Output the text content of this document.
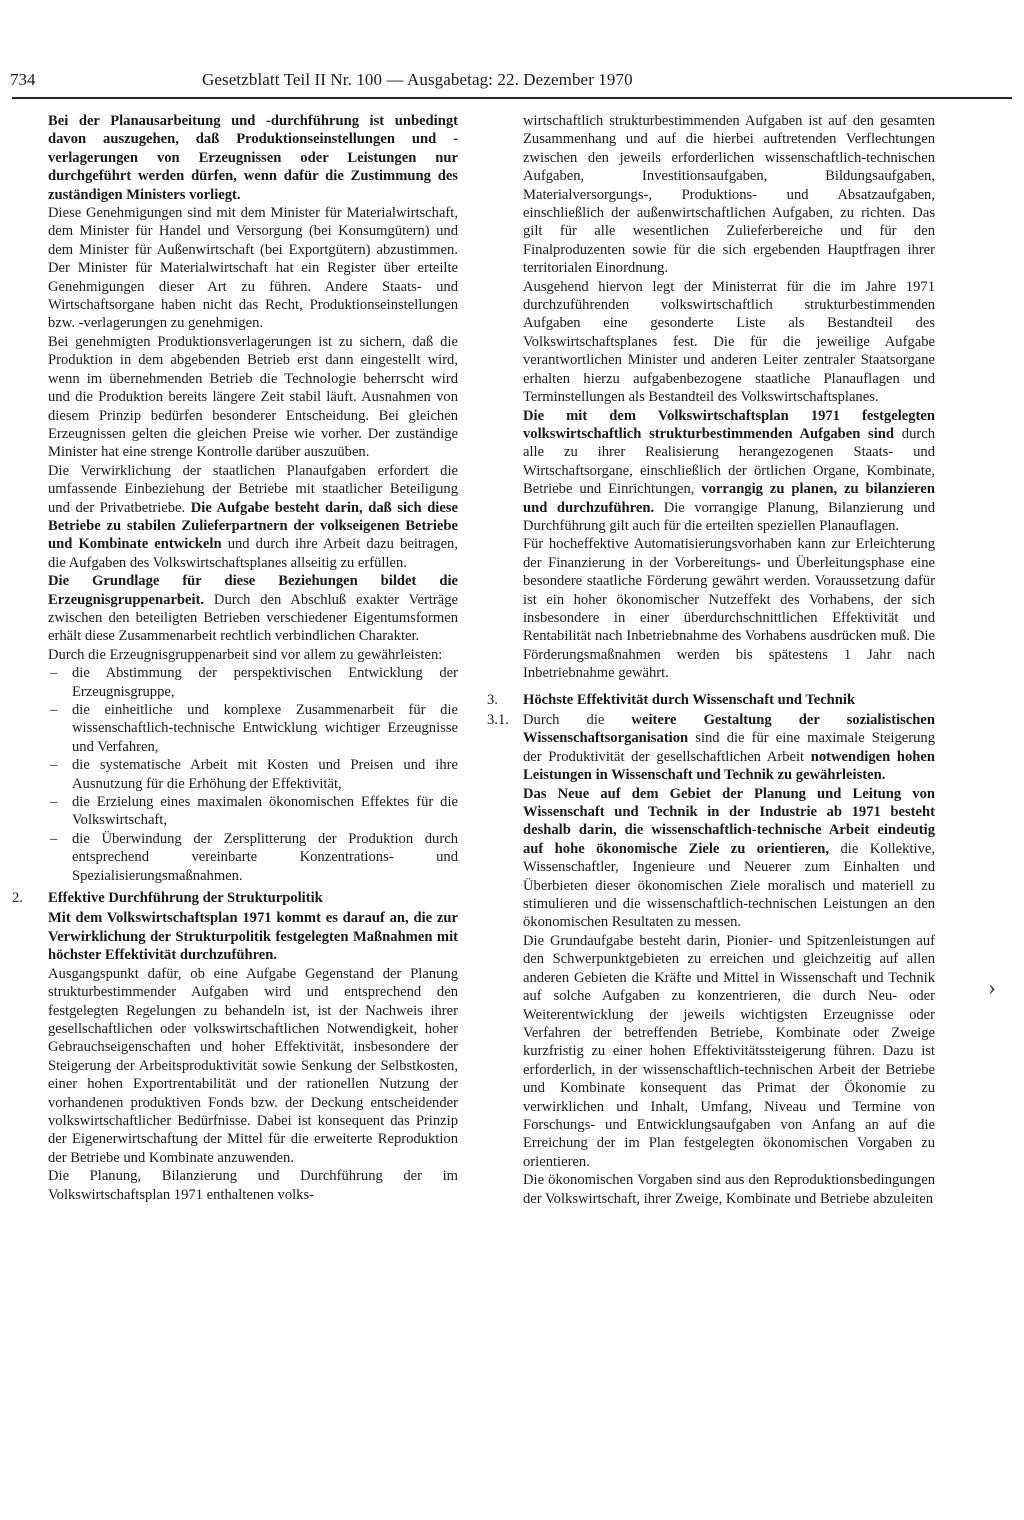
734	Gesetzblatt Teil II Nr. 100 — Ausgabetag: 22. Dezember 1970

Bei der Planausarbeitung und -durchführung ist unbedingt davon auszugehen, daß Produktionseinstellungen und -verlagerungen von Erzeugnissen oder Leistungen nur durchgeführt werden dürfen, wenn dafür die Zustimmung des zuständigen Ministers vorliegt.

Diese Genehmigungen sind mit dem Minister für Materialwirtschaft, dem Minister für Handel und Versorgung (bei Konsumgütern) und dem Minister für Außenwirtschaft (bei Exportgütern) abzustimmen. Der Minister für Materialwirtschaft hat ein Register über erteilte Genehmigungen dieser Art zu führen. Andere Staats- und Wirtschaftsorgane haben nicht das Recht, Produktionseinstellungen bzw. -verlagerungen zu genehmigen.

Bei genehmigten Produktionsverlagerungen ist zu sichern, daß die Produktion in dem abgebenden Betrieb erst dann eingestellt wird, wenn im übernehmenden Betrieb die Technologie beherrscht wird und die Produktion bereits längere Zeit stabil läuft. Ausnahmen von diesem Prinzip bedürfen besonderer Entscheidung. Bei gleichen Erzeugnissen gelten die gleichen Preise wie vorher. Der zuständige Minister hat eine strenge Kontrolle darüber auszuüben.

Die Verwirklichung der staatlichen Planaufgaben erfordert die umfassende Einbeziehung der Betriebe mit staatlicher Beteiligung und der Privatbetriebe. Die Aufgabe besteht darin, daß sich diese Betriebe zu stabilen Zulieferpartnern der volkseigenen Betriebe und Kombinate entwickeln und durch ihre Arbeit dazu beitragen, die Aufgaben des Volkswirtschaftsplanes allseitig zu erfüllen.

Die Grundlage für diese Beziehungen bildet die Erzeugnisgruppenarbeit. Durch den Abschluß exakter Verträge zwischen den beteiligten Betrieben verschiedener Eigentumsformen erhält diese Zusammenarbeit rechtlich verbindlichen Charakter.

Durch die Erzeugnisgruppenarbeit sind vor allem zu gewährleisten:

– die Abstimmung der perspektivischen Entwicklung der Erzeugnisgruppe,
– die einheitliche und komplexe Zusammenarbeit für die wissenschaftlich-technische Entwicklung wichtiger Erzeugnisse und Verfahren,
– die systematische Arbeit mit Kosten und Preisen und ihre Ausnutzung für die Erhöhung der Effektivität,
– die Erzielung eines maximalen ökonomischen Effektes für die Volkswirtschaft,
– die Überwindung der Zersplitterung der Produktion durch entsprechend vereinbarte Konzentrations- und Spezialisierungsmaßnahmen.
2. Effektive Durchführung der Strukturpolitik

Mit dem Volkswirtschaftsplan 1971 kommt es darauf an, die zur Verwirklichung der Strukturpolitik festgelegten Maßnahmen mit höchster Effektivität durchzuführen.

Ausgangspunkt dafür, ob eine Aufgabe Gegenstand der Planung strukturbestimmender Aufgaben wird und entsprechend den festgelegten Regelungen zu behandeln ist, ist der Nachweis ihrer gesellschaftlichen oder volkswirtschaftlichen Notwendigkeit, hoher Gebrauchseigenschaften und hoher Effektivität, insbesondere der Steigerung der Arbeitsproduktivität sowie Senkung der Selbstkosten, einer hohen Exportrentabilität und der rationellen Nutzung der vorhandenen produktiven Fonds bzw. der Deckung entscheidender volkswirtschaftlicher Bedürfnisse. Dabei ist konsequent das Prinzip der Eigenerwirtschaftung der Mittel für die erweiterte Reproduktion der Betriebe und Kombinate anzuwenden.

Die Planung, Bilanzierung und Durchführung der im Volkswirtschaftsplan 1971 enthaltenen volks-

wirtschaftlich strukturbestimmenden Aufgaben ist auf den gesamten Zusammenhang und auf die hierbei auftretenden Verflechtungen zwischen den jeweils erforderlichen wissenschaftlich-technischen Aufgaben, Investitionsaufgaben, Bildungsaufgaben, Materialversorgungs-, Produktions- und Absatzaufgaben, einschließlich der außenwirtschaftlichen Aufgaben, zu richten. Das gilt für alle wesentlichen Zulieferbereiche und für den Finalproduzenten sowie für die sich ergebenden Hauptfragen ihrer territorialen Einordnung.

Ausgehend hiervon legt der Ministerrat für die im Jahre 1971 durchzuführenden volkswirtschaftlich strukturbestimmenden Aufgaben eine gesonderte Liste als Bestandteil des Volkswirtschaftsplanes fest. Die für die jeweilige Aufgabe verantwortlichen Minister und anderen Leiter zentraler Staatsorgane erhalten hierzu aufgabenbezogene staatliche Planauflagen und Terminstellungen als Bestandteil des Volkswirtschaftsplanes.

Die mit dem Volkswirtschaftsplan 1971 festgelegten volkswirtschaftlich strukturbestimmenden Aufgaben sind durch alle zu ihrer Realisierung herangezogenen Staats- und Wirtschaftsorgane, einschließlich der örtlichen Organe, Kombinate, Betriebe und Einrichtungen, vorrangig zu planen, zu bilanzieren und durchzuführen. Die vorrangige Planung, Bilanzierung und Durchführung gilt auch für die erteilten speziellen Planauflagen.

Für hocheffektive Automatisierungsvorhaben kann zur Erleichterung der Finanzierung in der Vorbereitungs- und Überleitungsphase eine besondere staatliche Förderung gewährt werden. Voraussetzung dafür ist ein hoher ökonomischer Nutzeffekt des Vorhabens, der sich insbesondere in einer überdurchschnittlichen Effektivität und Rentabilität nach Inbetriebnahme des Vorhabens ausdrücken muß. Die Förderungsmaßnahmen werden bis spätestens 1 Jahr nach Inbetriebnahme gewährt.

3. Höchste Effektivität durch Wissenschaft und Technik

3.1. Durch die weitere Gestaltung der sozialistischen Wissenschaftsorganisation sind die für eine maximale Steigerung der Produktivität der gesellschaftlichen Arbeit notwendigen hohen Leistungen in Wissenschaft und Technik zu gewährleisten.

Das Neue auf dem Gebiet der Planung und Leitung von Wissenschaft und Technik in der Industrie ab 1971 besteht deshalb darin, die wissenschaftlich-technische Arbeit eindeutig auf hohe ökonomische Ziele zu orientieren, die Kollektive, Wissenschaftler, Ingenieure und Neuerer zum Einhalten und Überbieten dieser ökonomischen Ziele moralisch und materiell zu stimulieren und die wissenschaftlich-technischen Leistungen an den ökonomischen Resultaten zu messen.

Die Grundaufgabe besteht darin, Pionier- und Spitzenleistungen auf den Schwerpunktgebieten zu erreichen und gleichzeitig auf allen anderen Gebieten die Kräfte und Mittel in Wissenschaft und Technik auf solche Aufgaben zu konzentrieren, die durch Neu- oder Weiterentwicklung der jeweils wichtigsten Erzeugnisse oder Verfahren der betreffenden Betriebe, Kombinate oder Zweige kurzfristig zu einer hohen Effektivitätssteigerung führen. Dazu ist erforderlich, in der wissenschaftlich-technischen Arbeit der Betriebe und Kombinate konsequent das Primat der Ökonomie zu verwirklichen und Inhalt, Umfang, Niveau und Termine von Forschungs- und Entwicklungsaufgaben von Anfang an auf die Erreichung der im Plan festgelegten ökonomischen Vorgaben zu orientieren.

Die ökonomischen Vorgaben sind aus den Reproduktionsbedingungen der Volkswirtschaft, ihrer Zweige, Kombinate und Betriebe abzuleiten

›
